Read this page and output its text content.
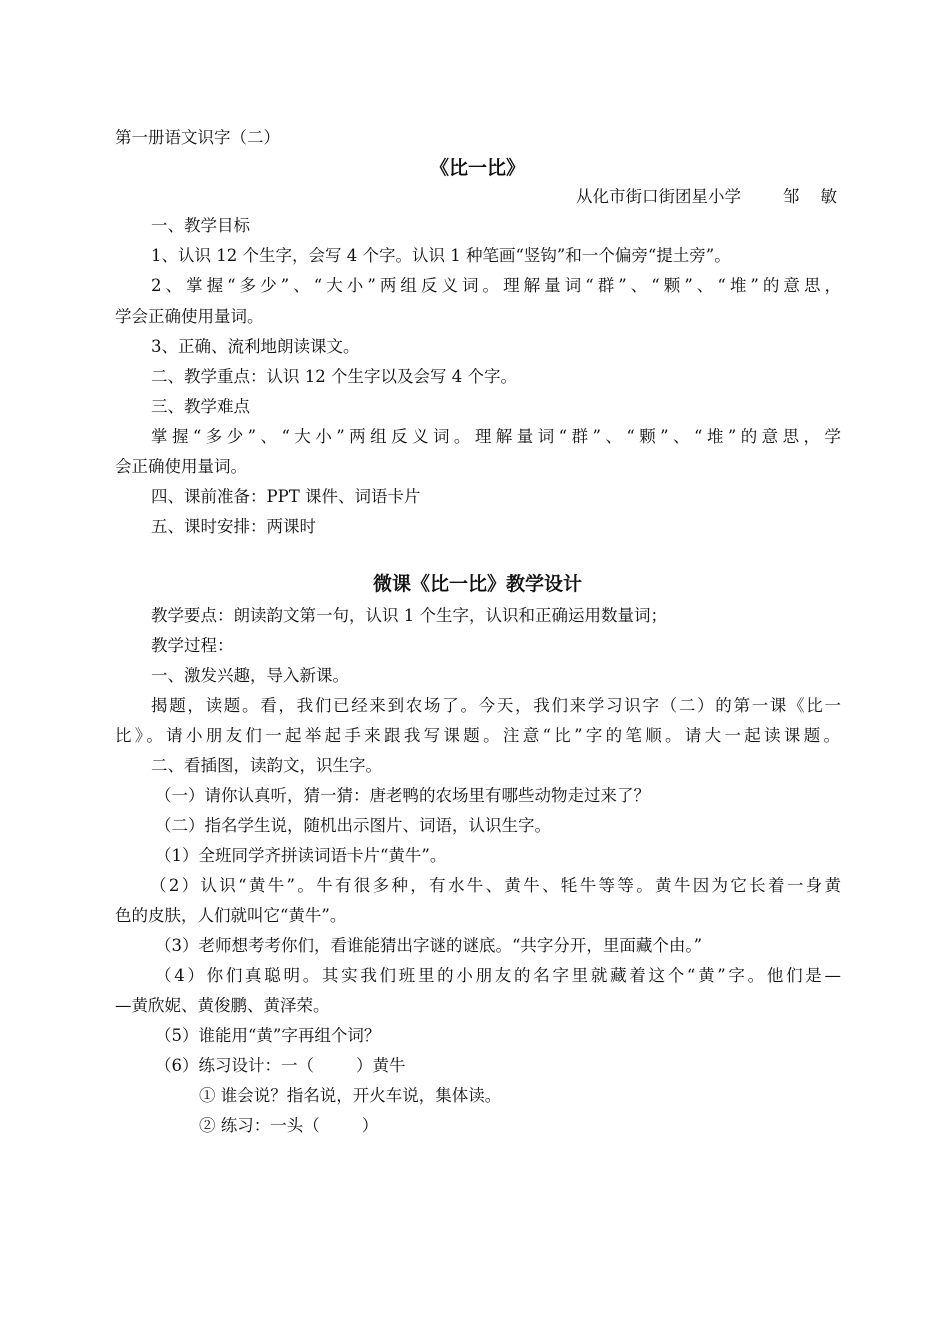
第一册语文识字（二）
《比一比》
从化市街口街团星小学        邹    敏
一、教学目标
1、认识 12 个生字，会写 4 个字。认识 1 种笔画“竖钩”和一个偏旁“提土旁”。
2、掌握“多少”、“大小”两组反义词。理解量词“群”、“颗”、“堆”的意思，
学会正确使用量词。
3、正确、流利地朗读课文。
二、教学重点：认识 12 个生字以及会写 4 个字。
三、教学难点
掌握“多少”、“大小”两组反义词。理解量词“群”、“颗”、“堆”的意思，学
会正确使用量词。
四、课前准备：PPT 课件、词语卡片
五、课时安排：两课时
微课《比一比》教学设计
教学要点：朗读韵文第一句，认识 1 个生字，认识和正确运用数量词；
教学过程：
一、激发兴趣，导入新课。
揭题，读题。看，我们已经来到农场了。今天，我们来学习识字（二）的第一课《比一
比》。请小朋友们一起举起手来跟我写课题。注意“比”字的笔顺。请大一起读课题。
二、看插图，读韵文，识生字。
（一）请你认真听，猜一猜：唐老鸭的农场里有哪些动物走过来了？
（二）指名学生说，随机出示图片、词语，认识生字。
（1）全班同学齐拼读词语卡片“黄牛”。
（2）认识“黄牛”。牛有很多种，有水牛、黄牛、牦牛等等。黄牛因为它长着一身黄
色的皮肤，人们就叫它“黄牛”。
（3）老师想考考你们，看谁能猜出字谜的谜底。“共字分开，里面藏个由。”
（4）你们真聪明。其实我们班里的小朋友的名字里就藏着这个“黄”字。他们是—
—黄欣妮、黄俊鹏、黄泽荣。
（5）谁能用“黄”字再组个词？
（6）练习设计：一（        ）黄牛
① 谁会说？指名说，开火车说，集体读。
② 练习：一头（        ）
